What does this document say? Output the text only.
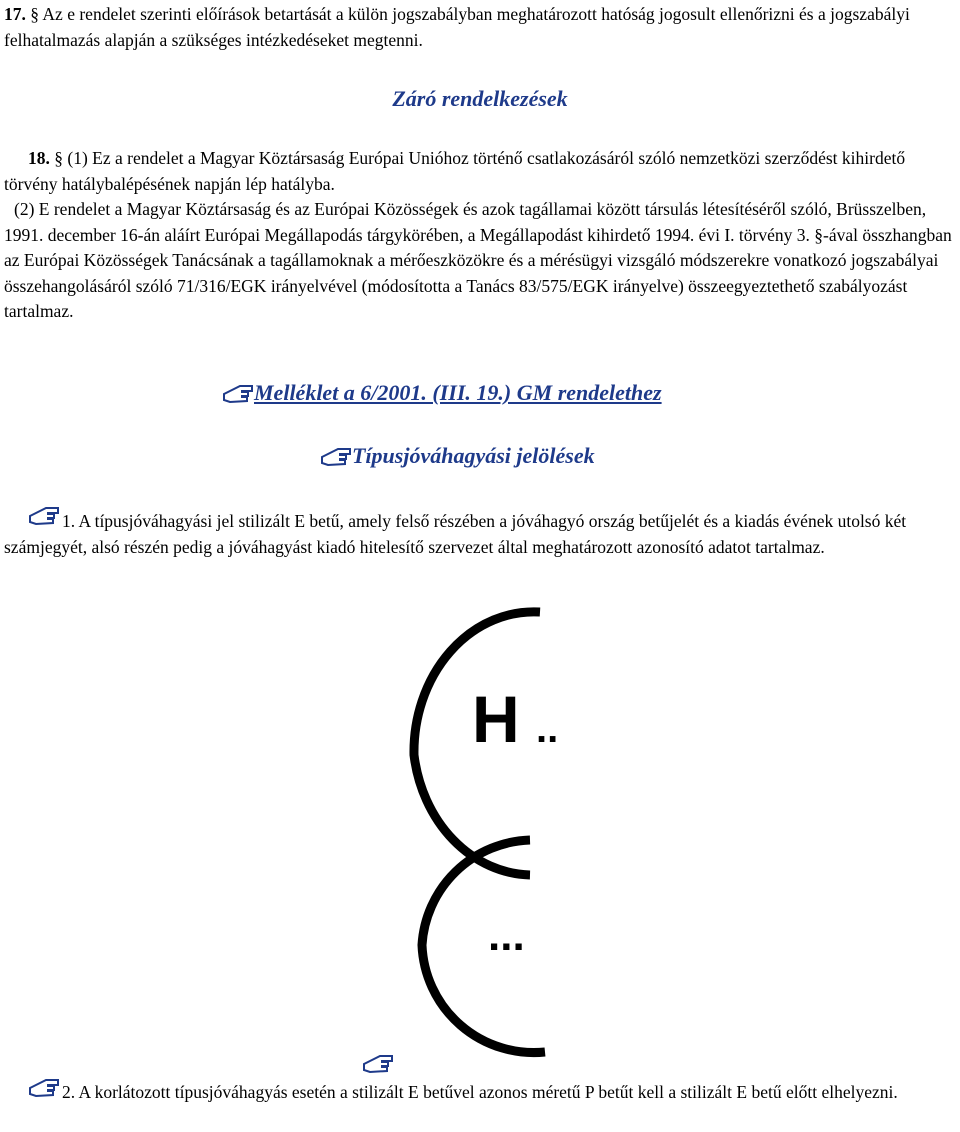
17. § Az e rendelet szerinti előírások betartását a külön jogszabályban meghatározott hatóság jogosult ellenőrizni és a jogszabályi felhatalmazás alapján a szükséges intézkedéseket megtenni.

Záró rendelkezések

18. § (1) Ez a rendelet a Magyar Köztársaság Európai Unióhoz történő csatlakozásáról szóló nemzetközi szerződést kihirdető törvény hatálybalépésének napján lép hatályba.

(2) E rendelet a Magyar Köztársaság és az Európai Közösségek és azok tagállamai között társulás létesítéséről szóló, Brüsszelben, 1991. december 16-án aláírt Európai Megállapodás tárgykörében, a Megállapodást kihirdető 1994. évi I. törvény 3. §-ával összhangban az Európai Közösségek Tanácsának a tagállamoknak a mérőeszközökre és a mérésügyi vizsgáló módszerekre vonatkozó jogszabályai összehangolásáról szóló 71/316/EGK irányelvével (módosította a Tanács 83/575/EGK irányelve) összeegyeztethető szabályozást tartalmaz.

Melléklet a 6/2001. (III. 19.) GM rendelethez
Típusjóváhagyási jelölések

1. A típusjóváhagyási jel stilizált E betű, amely felső részében a jóváhagyó ország betűjelét és a kiadás évének utolsó két számjegyét, alsó részén pedig a jóváhagyást kiadó hitelesítő szervezet által meghatározott azonosító adatot tartalmaz.

H ..
...

2. A korlátozott típusjóváhagyás esetén a stilizált E betűvel azonos méretű P betűt kell a stilizált E betű előtt elhelyezni.
